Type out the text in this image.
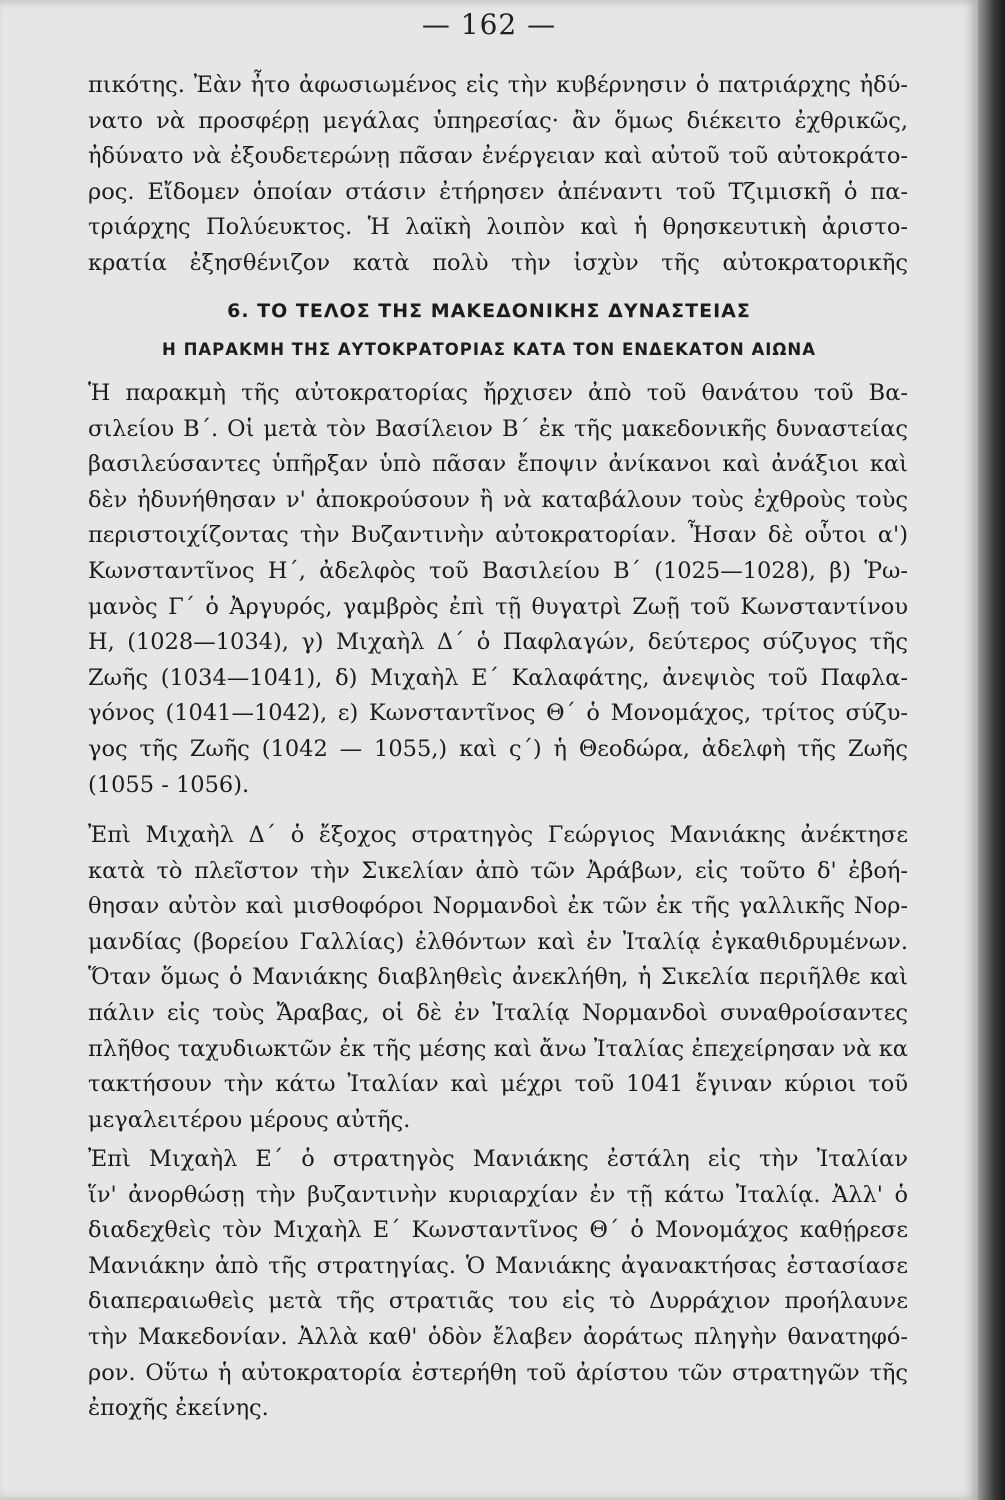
— 162 —
πικότης. Ἐὰν ἦτο ἀφωσιωμένος εἰς τὴν κυβέρνησιν ὁ πατριάρχης ἠδύ-
νατο νὰ προσφέρῃ μεγάλας ὑπηρεσίας· ἂν ὅμως διέκειτο ἐχθρικῶς,
ἠδύνατο νὰ ἐξουδετερώνῃ πᾶσαν ἐνέργειαν καὶ αὐτοῦ τοῦ αὐτοκράτο-
ρος. Εἴδομεν ὁποίαν στάσιν ἐτήρησεν ἀπέναντι τοῦ Τζιμισκῆ ὁ πα-
τριάρχης Πολύευκτος. Ἡ λαϊκὴ λοιπὸν καὶ ἡ θρησκευτικὴ ἀριστο-
κρατία ἐξησθένιζον κατὰ πολὺ τὴν ἰσχὺν τῆς αὐτοκρατορικῆς
6. ΤΟ ΤΕΛΟΣ ΤΗΣ ΜΑΚΕΔΟΝΙΚΗΣ ΔΥΝΑΣΤΕΙΑΣ
Η ΠΑΡΑΚΜΗ ΤΗΣ ΑΥΤΟΚΡΑΤΟΡΙΑΣ ΚΑΤΑ ΤΟΝ ΕΝΔΕΚΑΤΟΝ ΑΙΩΝΑ
Ἡ παρακμὴ τῆς αὐτοκρατορίας ἤρχισεν ἀπὸ τοῦ θανάτου τοῦ Βα-
σιλείου Β΄. Οἱ μετὰ τὸν Βασίλειον Β΄ ἐκ τῆς μακεδονικῆς δυναστείας
βασιλεύσαντες ὑπῆρξαν ὑπὸ πᾶσαν ἔποψιν ἀνίκανοι καὶ ἀνάξιοι καὶ
δὲν ἠδυνήθησαν ν' ἀποκρούσουν ἢ νὰ καταβάλουν τοὺς ἐχθροὺς τοὺς
περιστοιχίζοντας τὴν Βυζαντινὴν αὐτοκρατορίαν. Ἦσαν δὲ οὗτοι α')
Κωνσταντῖνος Η΄, ἀδελφὸς τοῦ Βασιλείου Β΄ (1025—1028), β) Ῥω-
μανὸς Γ΄ ὁ Ἀργυρός, γαμβρὸς ἐπὶ τῇ θυγατρὶ Ζωῇ τοῦ Κωνσταντίνου
Η, (1028—1034), γ) Μιχαὴλ Δ΄ ὁ Παφλαγών, δεύτερος σύζυγος τῆς
Ζωῆς (1034—1041), δ) Μιχαὴλ Ε΄ Καλαφάτης, ἀνεψιὸς τοῦ Παφλα-
γόνος (1041—1042), ε) Κωνσταντῖνος Θ΄ ὁ Μονομάχος, τρίτος σύζυ-
γος τῆς Ζωῆς (1042 — 1055,) καὶ ς΄) ἡ Θεοδώρα, ἀδελφὴ τῆς Ζωῆς
(1055 - 1056).
Ἐπὶ Μιχαὴλ Δ΄ ὁ ἔξοχος στρατηγὸς Γεώργιος Μανιάκης ἀνέκτησε
κατὰ τὸ πλεῖστον τὴν Σικελίαν ἀπὸ τῶν Ἀράβων, εἰς τοῦτο δ' ἐβοή-
θησαν αὐτὸν καὶ μισθοφόροι Νορμανδοὶ ἐκ τῶν ἐκ τῆς γαλλικῆς Νορ-
μανδίας (βορείου Γαλλίας) ἐλθόντων καὶ ἐν Ἰταλίᾳ ἐγκαθιδρυμένων.
Ὅταν ὅμως ὁ Μανιάκης διαβληθεὶς ἀνεκλήθη, ἡ Σικελία περιῆλθε καὶ
πάλιν εἰς τοὺς Ἄραβας, οἱ δὲ ἐν Ἰταλίᾳ Νορμανδοὶ συναθροίσαντες
πλῆθος ταχυδιωκτῶν ἐκ τῆς μέσης καὶ ἄνω Ἰταλίας ἐπεχείρησαν νὰ κα
τακτήσουν τὴν κάτω Ἰταλίαν καὶ μέχρι τοῦ 1041 ἔγιναν κύριοι τοῦ
μεγαλειτέρου μέρους αὐτῆς.
Ἐπὶ Μιχαὴλ Ε΄ ὁ στρατηγὸς Μανιάκης ἐστάλη εἰς τὴν Ἰταλίαν
ἵν' ἀνορθώσῃ τὴν βυζαντινὴν κυριαρχίαν ἐν τῇ κάτω Ἰταλίᾳ. Ἀλλ' ὁ
διαδεχθεὶς τὸν Μιχαὴλ Ε΄ Κωνσταντῖνος Θ΄ ὁ Μονομάχος καθῄρεσε
Μανιάκην ἀπὸ τῆς στρατηγίας. Ὁ Μανιάκης ἀγανακτήσας ἐστασίασε
διαπεραιωθεὶς μετὰ τῆς στρατιᾶς του εἰς τὸ Δυρράχιον προήλαυνε
τὴν Μακεδονίαν. Ἀλλὰ καθ' ὁδὸν ἔλαβεν ἀοράτως πληγὴν θανατηφό-
ρον. Οὕτω ἡ αὐτοκρατορία ἐστερήθη τοῦ ἀρίστου τῶν στρατηγῶν τῆς
ἐποχῆς ἐκείνης.
